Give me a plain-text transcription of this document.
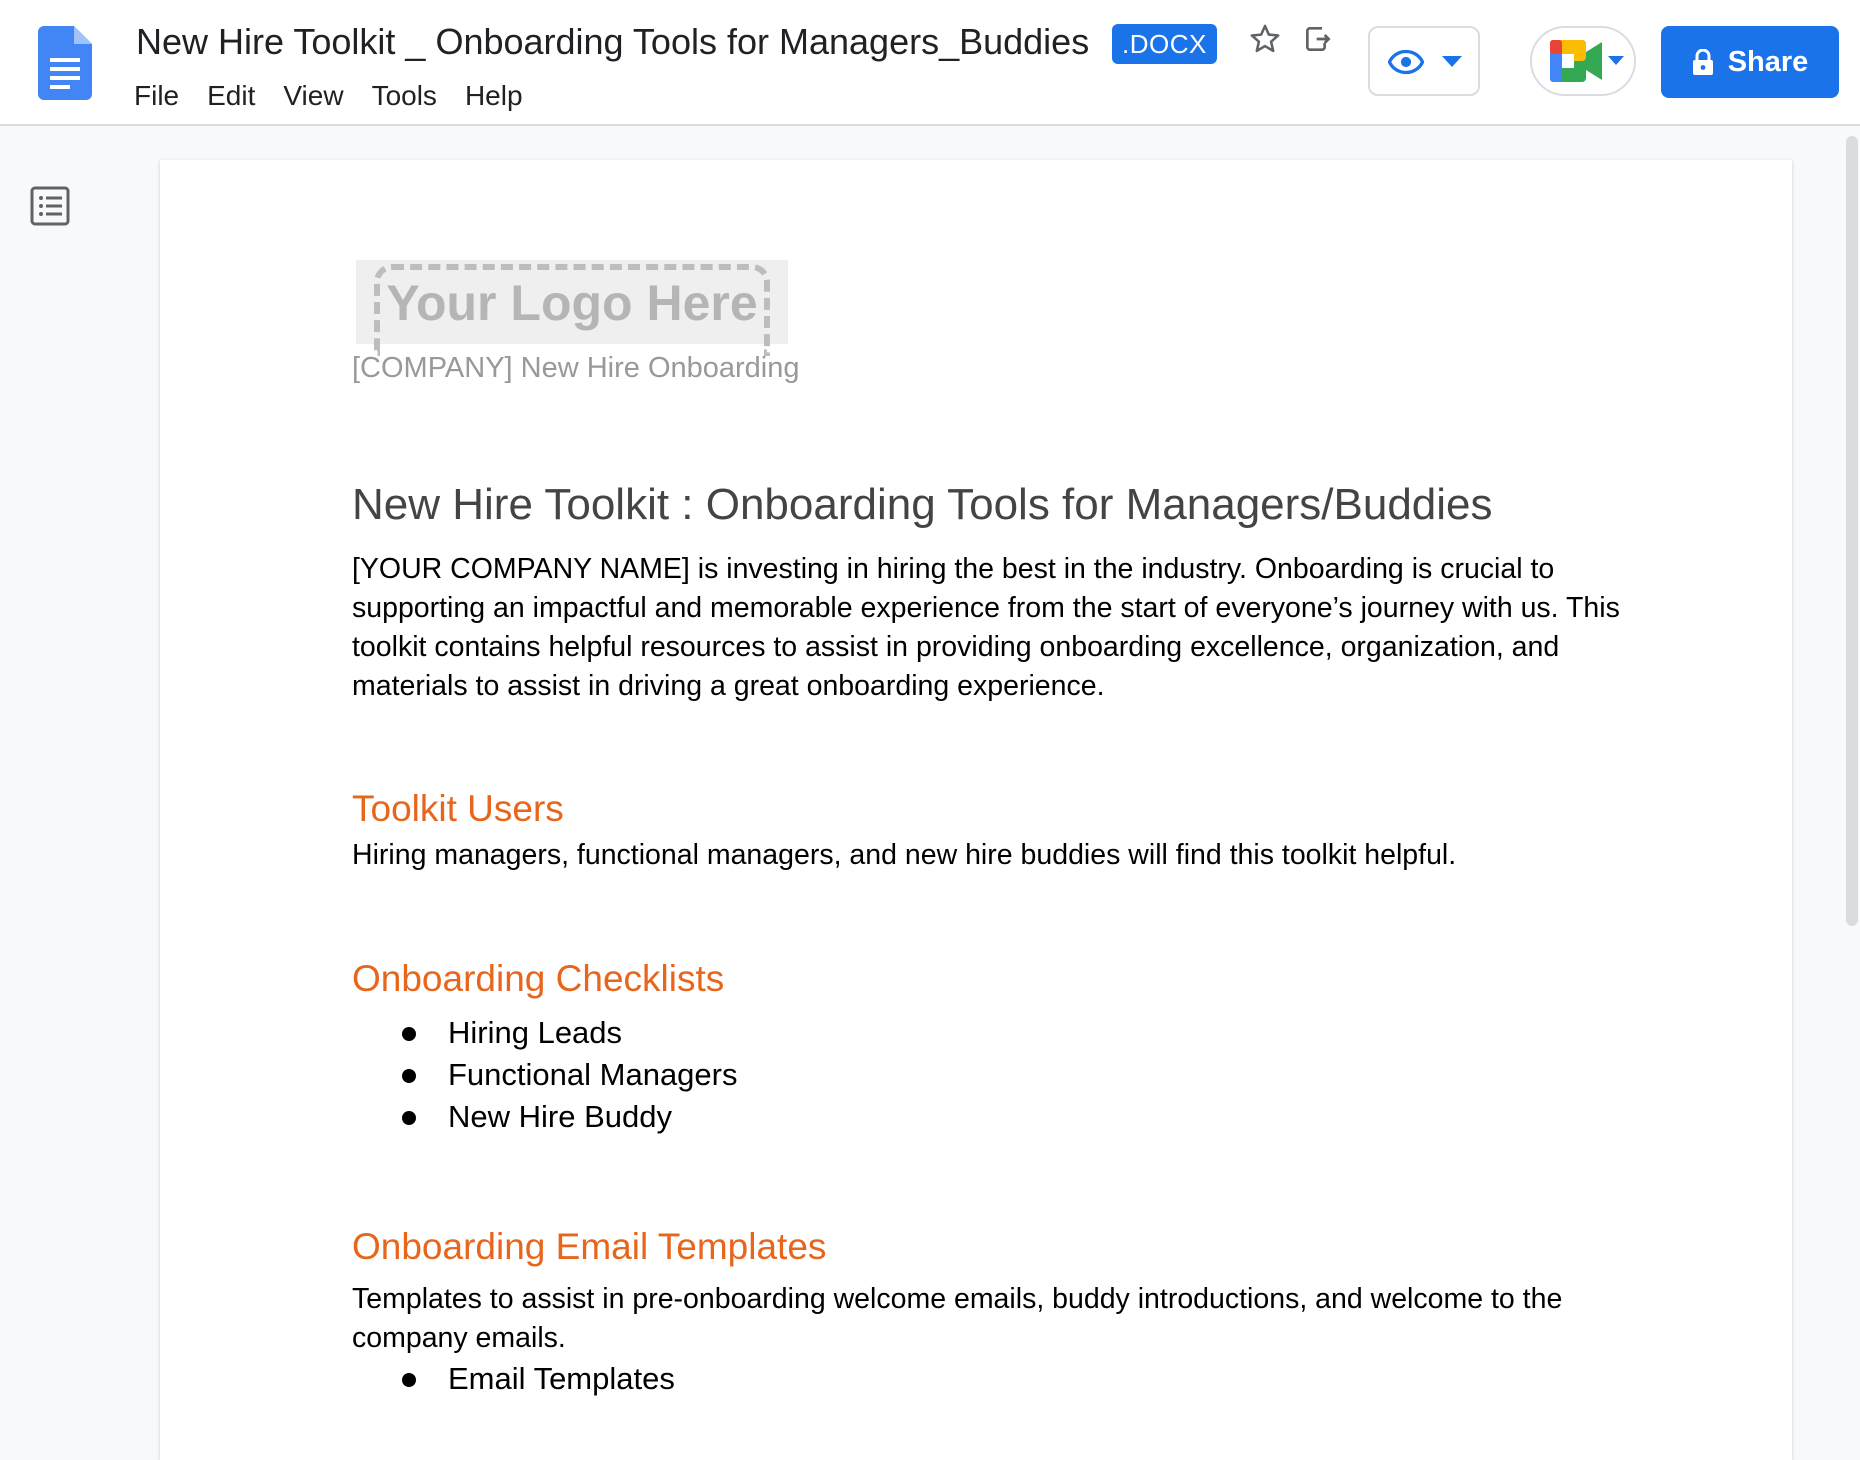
New Hire Toolkit _ Onboarding Tools for Managers_Buddies	.DOCX
File	Edit	View	Tools	Help
Share
Your Logo Here
[COMPANY] New Hire Onboarding
New Hire Toolkit : Onboarding Tools for Managers/Buddies

[YOUR COMPANY NAME] is investing in hiring the best in the industry. Onboarding is crucial to supporting an impactful and memorable experience from the start of everyone’s journey with us. This toolkit contains helpful resources to assist in providing onboarding excellence, organization, and materials to assist in driving a great onboarding experience.

Toolkit Users

Hiring managers, functional managers, and new hire buddies will find this toolkit helpful.

Onboarding Checklists
Hiring Leads
Functional Managers
New Hire Buddy
Onboarding Email Templates

Templates to assist in pre-onboarding welcome emails, buddy introductions, and welcome to the company emails.

Email Templates
